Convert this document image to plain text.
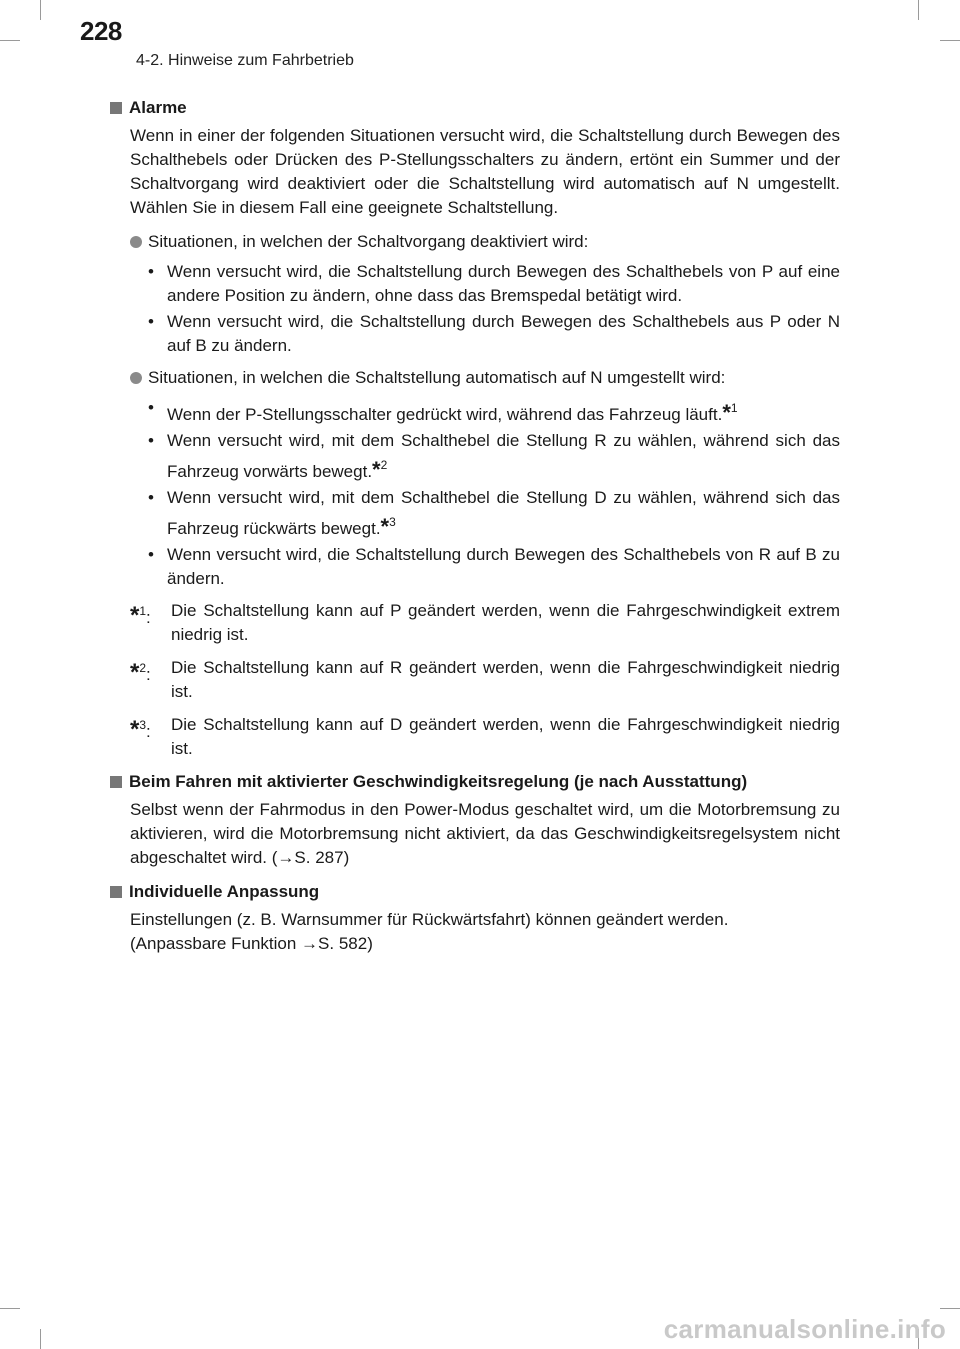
228
4-2. Hinweise zum Fahrbetrieb
Alarme

Wenn in einer der folgenden Situationen versucht wird, die Schaltstellung durch Bewegen des Schalthebels oder Drücken des P-Stellungsschalters zu ändern, ertönt ein Summer und der Schaltvorgang wird deaktiviert oder die Schaltstellung wird automatisch auf N umgestellt. Wählen Sie in diesem Fall eine geeignete Schaltstellung.

Situationen, in welchen der Schaltvorgang deaktiviert wird:
• Wenn versucht wird, die Schaltstellung durch Bewegen des Schalthebels von P auf eine andere Position zu ändern, ohne dass das Bremspedal betätigt wird.
• Wenn versucht wird, die Schaltstellung durch Bewegen des Schalthebels aus P oder N auf B zu ändern.
Situationen, in welchen die Schaltstellung automatisch auf N umgestellt wird:
• Wenn der P-Stellungsschalter gedrückt wird, während das Fahrzeug läuft.*$^1$
• Wenn versucht wird, mit dem Schalthebel die Stellung R zu wählen, während sich das Fahrzeug vorwärts bewegt.*$^2$
• Wenn versucht wird, mit dem Schalthebel die Stellung D zu wählen, während sich das Fahrzeug rückwärts bewegt.*$^3$
• Wenn versucht wird, die Schaltstellung durch Bewegen des Schalthebels von R auf B zu ändern.
*$^1$:	Die Schaltstellung kann auf P geändert werden, wenn die Fahrgeschwindigkeit extrem niedrig ist.
*$^2$:	Die Schaltstellung kann auf R geändert werden, wenn die Fahrgeschwindigkeit niedrig ist.
*$^3$:	Die Schaltstellung kann auf D geändert werden, wenn die Fahrgeschwindigkeit niedrig ist.
Beim Fahren mit aktivierter Geschwindigkeitsregelung (je nach Ausstattung)

Selbst wenn der Fahrmodus in den Power-Modus geschaltet wird, um die Motorbremsung zu aktivieren, wird die Motorbremsung nicht aktiviert, da das Geschwindigkeitsregelsystem nicht abgeschaltet wird. (→S. 287)

Individuelle Anpassung

Einstellungen (z. B. Warnsummer für Rückwärtsfahrt) können geändert werden.
(Anpassbare Funktion →S. 582)

carmanualsonline.info
